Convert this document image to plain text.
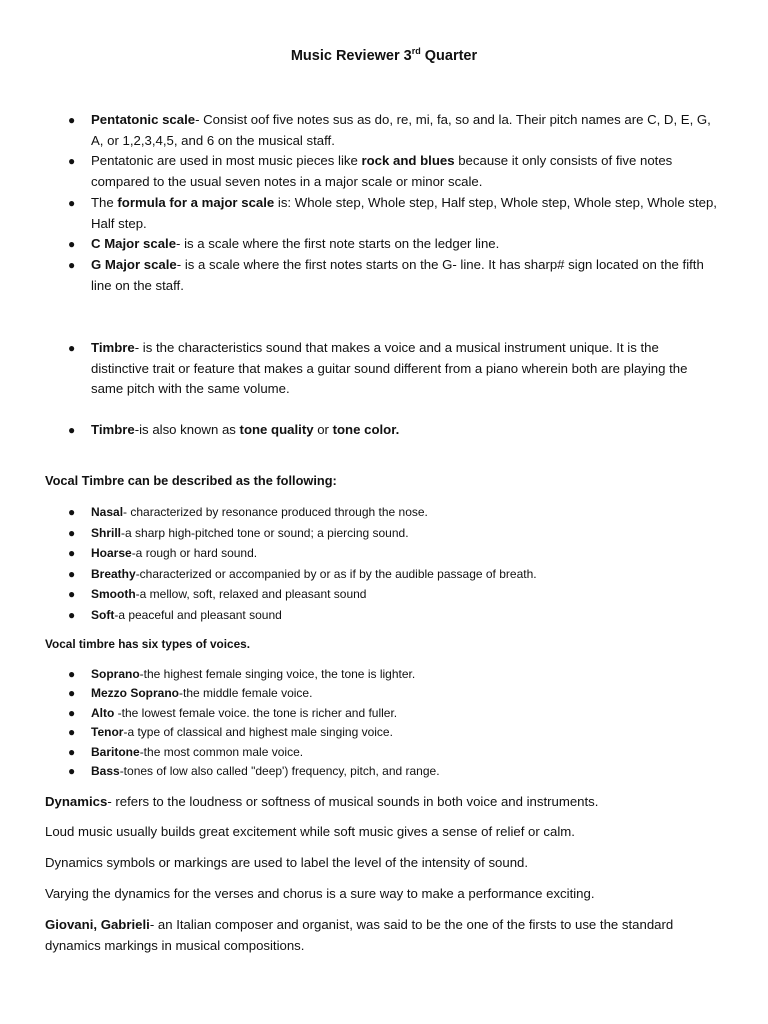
Music Reviewer 3rd Quarter
● Pentatonic scale- Consist oof five notes sus as do, re, mi, fa, so and la. Their pitch names are C, D, E, G, A, or 1,2,3,4,5, and 6 on the musical staff.
● Pentatonic are used in most music pieces like rock and blues because it only consists of five notes compared to the usual seven notes in a major scale or minor scale.
● The formula for a major scale is: Whole step, Whole step, Half step, Whole step, Whole step, Whole step, Half step.
● C Major scale- is a scale where the first note starts on the ledger line.
● G Major scale- is a scale where the first notes starts on the G- line. It has sharp# sign located on the fifth line on the staff.
● Timbre- is the characteristics sound that makes a voice and a musical instrument unique. It is the distinctive trait or feature that makes a guitar sound different from a piano wherein both are playing the same pitch with the same volume.
● Timbre-is also known as tone quality or tone color.
Vocal Timbre can be described as the following:
● Nasal- characterized by resonance produced through the nose.
● Shrill-a sharp high-pitched tone or sound; a piercing sound.
● Hoarse-a rough or hard sound.
● Breathy-characterized or accompanied by or as if by the audible passage of breath.
● Smooth-a mellow, soft, relaxed and pleasant sound
● Soft-a peaceful and pleasant sound
Vocal timbre has six types of voices.
● Soprano-the highest female singing voice, the tone is lighter.
● Mezzo Soprano-the middle female voice.
● Alto -the lowest female voice. the tone is richer and fuller.
● Tenor-a type of classical and highest male singing voice.
● Baritone-the most common male voice.
● Bass-tones of low also called "deep') frequency, pitch, and range.

Dynamics- refers to the loudness or softness of musical sounds in both voice and instruments.

Loud music usually builds great excitement while soft music gives a sense of relief or calm.

Dynamics symbols or markings are used to label the level of the intensity of sound.

Varying the dynamics for the verses and chorus is a sure way to make a performance exciting.

Giovani, Gabrieli- an Italian composer and organist, was said to be the one of the firsts to use the standard dynamics markings in musical compositions.
